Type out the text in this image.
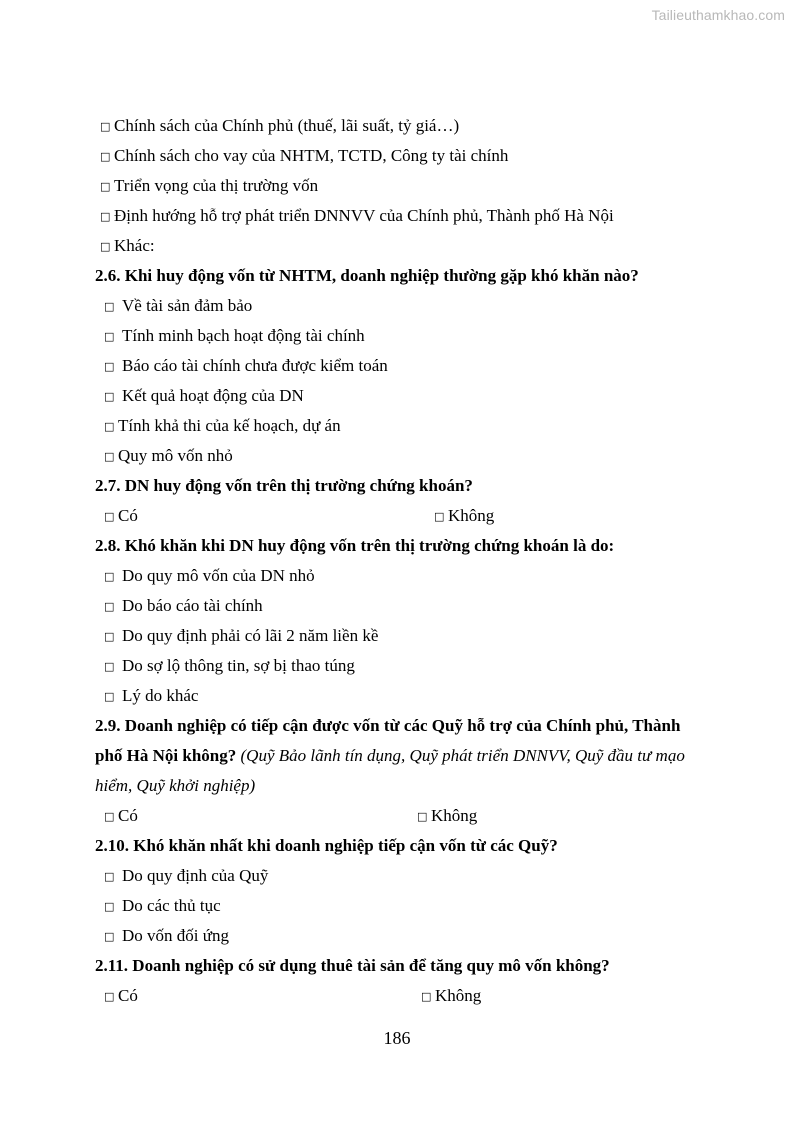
Tailieuthamkhao.com
□ Chính sách của Chính phủ (thuế, lãi suất, tỷ giá…)
□ Chính sách cho vay của NHTM, TCTD, Công ty tài chính
□ Triển vọng của thị trường vốn
□ Định hướng hỗ trợ phát triển DNNVV của Chính phủ, Thành phố Hà Nội
□ Khác:
2.6. Khi huy động vốn từ NHTM, doanh nghiệp thường gặp khó khăn nào?
□ Về tài sản đảm bảo
□ Tính minh bạch hoạt động tài chính
□ Báo cáo tài chính chưa được kiểm toán
□ Kết quả hoạt động của DN
□ Tính khả thi của kế hoạch, dự án
□ Quy mô vốn nhỏ
2.7. DN huy động vốn trên thị trường chứng khoán?
□ Có	□ Không
2.8. Khó khăn khi DN huy động vốn trên thị trường chứng khoán là do:
□ Do quy mô vốn của DN nhỏ
□ Do báo cáo tài chính
□ Do quy định phải có lãi 2 năm liền kề
□ Do sợ lộ thông tin, sợ bị thao túng
□ Lý do khác
2.9. Doanh nghiệp có tiếp cận được vốn từ các Quỹ hỗ trợ của Chính phủ, Thành
phố Hà Nội không? (Quỹ Bảo lãnh tín dụng, Quỹ phát triển DNNVV, Quỹ đầu tư mạo
hiểm, Quỹ khởi nghiệp)
□ Có	□ Không
2.10. Khó khăn nhất khi doanh nghiệp tiếp cận vốn từ các Quỹ?
□ Do quy định của Quỹ
□ Do các thủ tục
□ Do vốn đối ứng
2.11. Doanh nghiệp có sử dụng thuê tài sản để tăng quy mô vốn không?
□ Có	□ Không
186
